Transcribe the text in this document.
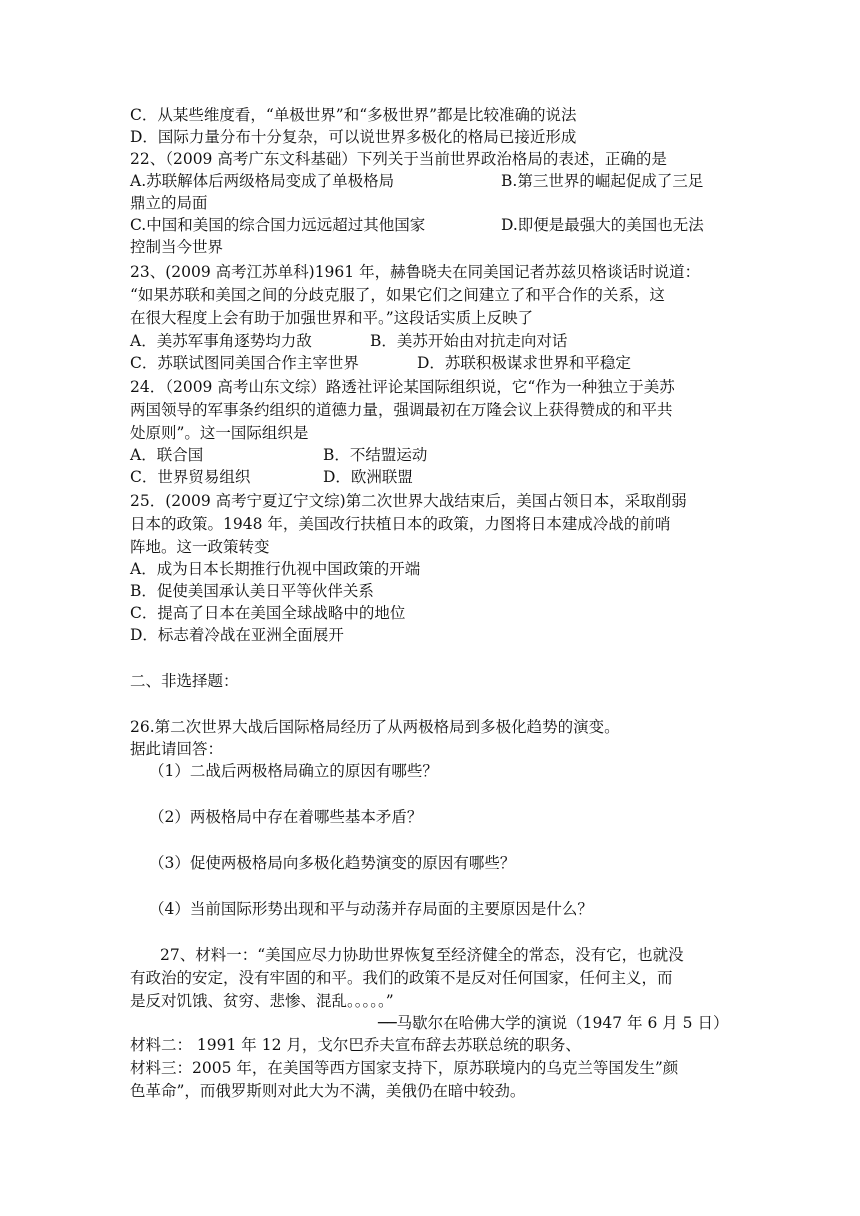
C．从某些维度看，“单极世界”和“多极世界”都是比较准确的说法
D．国际力量分布十分复杂，可以说世界多极化的格局已接近形成
22、（2009 高考广东文科基础）下列关于当前世界政治格局的表述，正确的是
A.苏联解体后两级格局变成了单极格局	B.第三世界的崛起促成了三足
鼎立的局面
C.中国和美国的综合国力远远超过其他国家	D.即便是最强大的美国也无法
控制当今世界
23、(2009 高考江苏单科)1961 年，赫鲁晓夫在同美国记者苏兹贝格谈话时说道：
“如果苏联和美国之间的分歧克服了，如果它们之间建立了和平合作的关系，这
在很大程度上会有助于加强世界和平。”这段话实质上反映了
A．美苏军事角逐势均力敌	B．美苏开始由对抗走向对话
C．苏联试图同美国合作主宰世界	D．苏联积极谋求世界和平稳定
24．（2009 高考山东文综）路透社评论某国际组织说，它“作为一种独立于美苏
两国领导的军事条约组织的道德力量，强调最初在万隆会议上获得赞成的和平共
处原则”。这一国际组织是
A．联合国	B．不结盟运动
C．世界贸易组织	D．欧洲联盟
25．(2009 高考宁夏辽宁文综)第二次世界大战结束后，美国占领日本，采取削弱
日本的政策。1948 年，美国改行扶植日本的政策，力图将日本建成冷战的前哨
阵地。这一政策转变
A．成为日本长期推行仇视中国政策的开端
B．促使美国承认美日平等伙伴关系
C．提高了日本在美国全球战略中的地位
D．标志着冷战在亚洲全面展开
二、非选择题：
26.第二次世界大战后国际格局经历了从两极格局到多极化趋势的演变。
据此请回答：
（1）二战后两极格局确立的原因有哪些？
（2）两极格局中存在着哪些基本矛盾？
（3）促使两极格局向多极化趋势演变的原因有哪些？
（4）当前国际形势出现和平与动荡并存局面的主要原因是什么？
27、材料一：“美国应尽力协助世界恢复至经济健全的常态，没有它，也就没
有政治的安定，没有牢固的和平。我们的政策不是反对任何国家，任何主义，而
是反对饥饿、贫穷、悲惨、混乱。。。。。”
──马歇尔在哈佛大学的演说（1947 年 6 月 5 日）
材料二： 1991 年 12 月，戈尔巴乔夫宣布辞去苏联总统的职务、
材料三：2005 年，在美国等西方国家支持下，原苏联境内的乌克兰等国发生”颜
色革命”，而俄罗斯则对此大为不满，美俄仍在暗中较劲。
